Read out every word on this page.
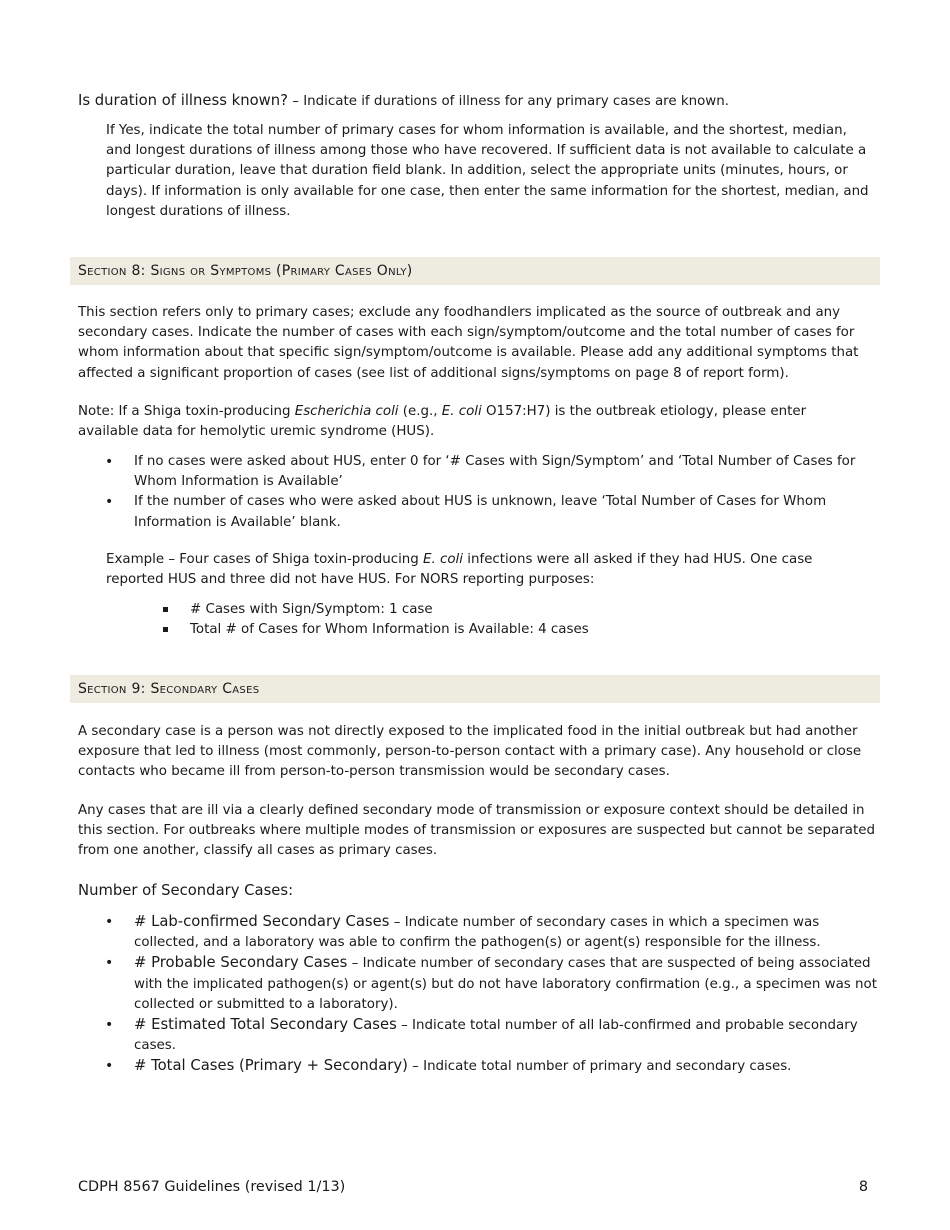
Is duration of illness known? – Indicate if durations of illness for any primary cases are known.

If Yes, indicate the total number of primary cases for whom information is available, and the shortest, median, and longest durations of illness among those who have recovered. If sufficient data is not available to calculate a particular duration, leave that duration field blank. In addition, select the appropriate units (minutes, hours, or days). If information is only available for one case, then enter the same information for the shortest, median, and longest durations of illness.

Section 8:
Signs or Symptoms (Primary Cases Only)

This section refers only to primary cases; exclude any foodhandlers implicated as the source of outbreak and any secondary cases. Indicate the number of cases with each sign/symptom/outcome and the total number of cases for whom information about that specific sign/symptom/outcome is available. Please add any additional symptoms that affected a significant proportion of cases (see list of additional signs/symptoms on page 8 of report form).

Note: If a Shiga toxin-producing Escherichia coli (e.g., E. coli O157:H7) is the outbreak etiology, please enter available data for hemolytic uremic syndrome (HUS).

• If no cases were asked about HUS, enter 0 for ‘# Cases with Sign/Symptom’ and ‘Total Number of Cases for Whom Information is Available’
• If the number of cases who were asked about HUS is unknown, leave ‘Total Number of Cases for Whom Information is Available’ blank.

Example – Four cases of Shiga toxin-producing E. coli infections were all asked if they had HUS. One case reported HUS and three did not have HUS. For NORS reporting purposes:

# Cases with Sign/Symptom: 1 case
Total # of Cases for Whom Information is Available: 4 cases
Section 9:
Secondary Cases

A secondary case is a person was not directly exposed to the implicated food in the initial outbreak but had another exposure that led to illness (most commonly, person-to-person contact with a primary case). Any household or close contacts who became ill from person-to-person transmission would be secondary cases.

Any cases that are ill via a clearly defined secondary mode of transmission or exposure context should be detailed in this section. For outbreaks where multiple modes of transmission or exposures are suspected but cannot be separated from one another, classify all cases as primary cases.

Number of Secondary Cases:
• # Lab-confirmed Secondary Cases – Indicate number of secondary cases in which a specimen was collected, and a laboratory was able to confirm the pathogen(s) or agent(s) responsible for the illness.
• # Probable Secondary Cases – Indicate number of secondary cases that are suspected of being associated with the implicated pathogen(s) or agent(s) but do not have laboratory confirmation (e.g., a specimen was not collected or submitted to a laboratory).
• # Estimated Total Secondary Cases – Indicate total number of all lab-confirmed and probable secondary cases.
• # Total Cases (Primary + Secondary) – Indicate total number of primary and secondary cases.
CDPH 8567 Guidelines (revised 1/13)	8
